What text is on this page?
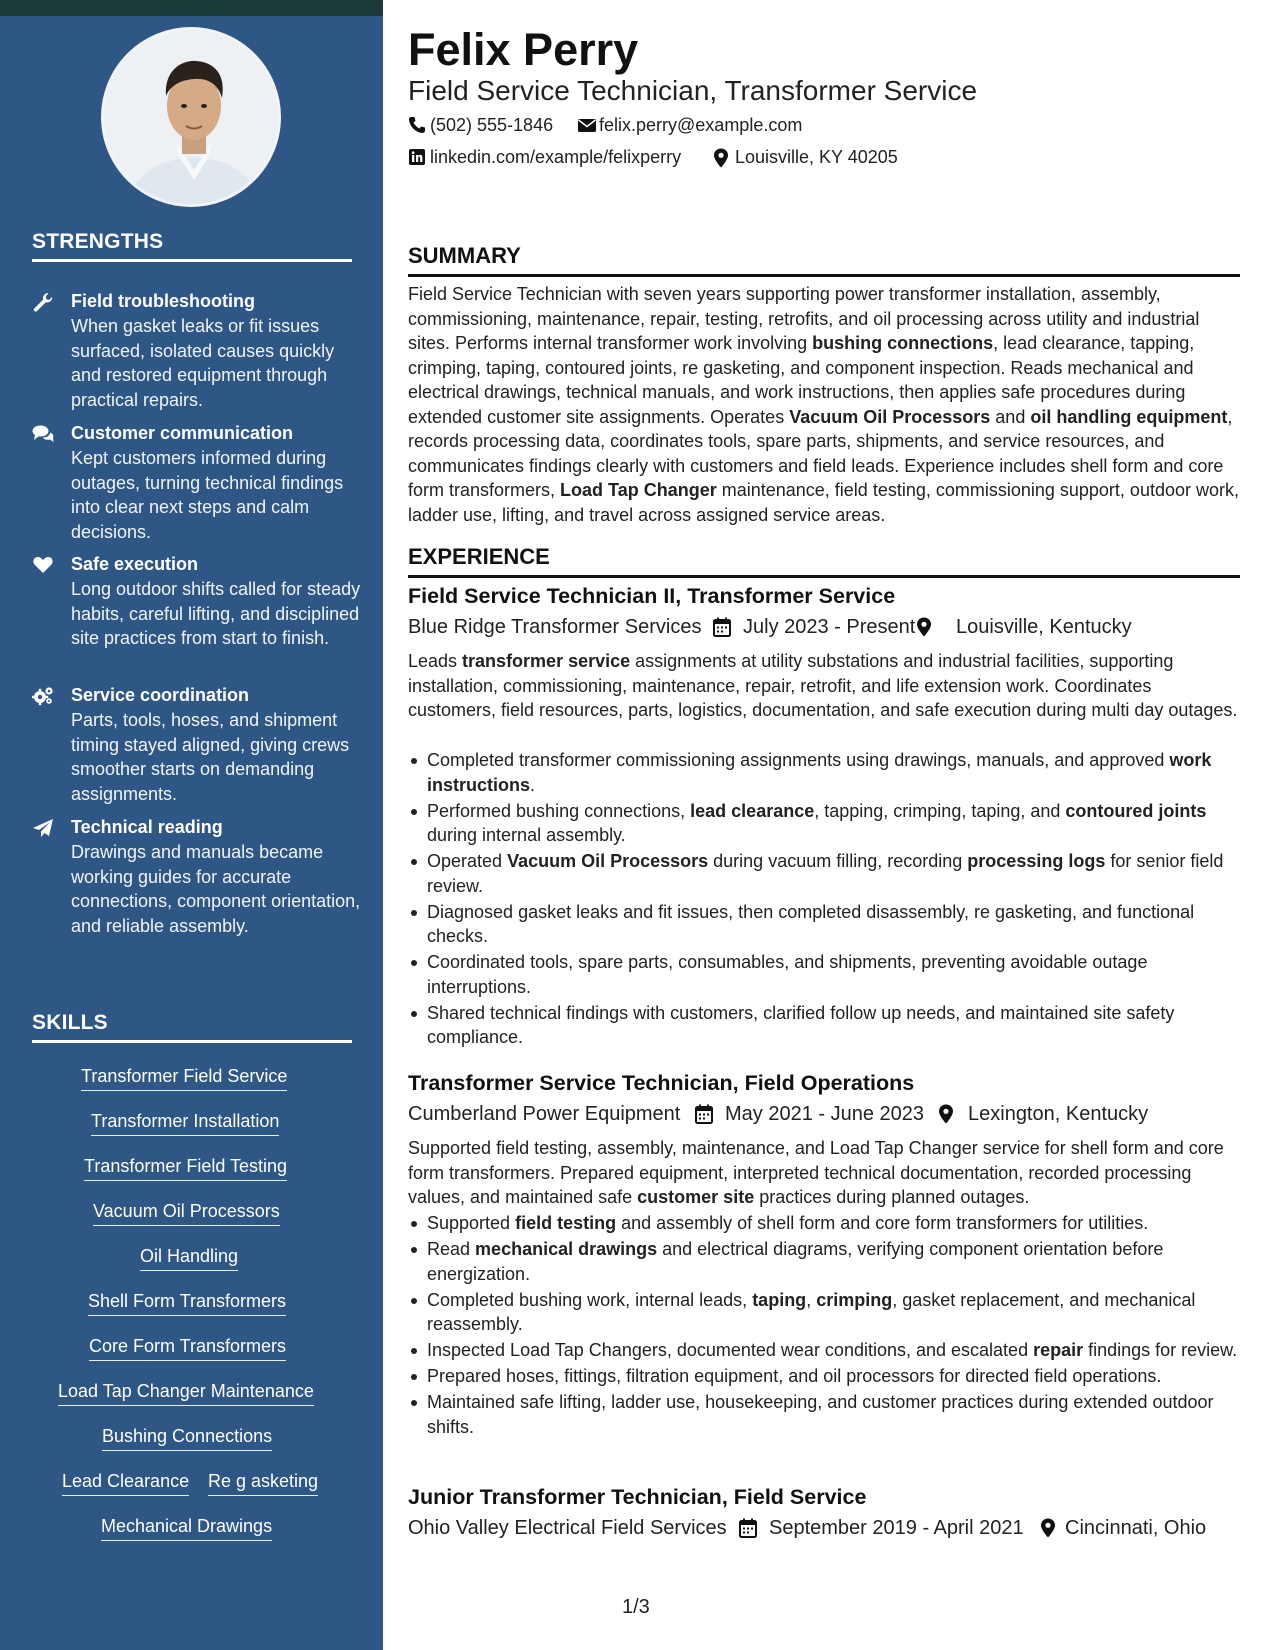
STRENGTHS
Field troubleshooting
When gasket leaks or fit issues surfaced, isolated causes quickly and restored equipment through practical repairs.
Customer communication
Kept customers informed during outages, turning technical findings into clear next steps and calm decisions.
Safe execution
Long outdoor shifts called for steady habits, careful lifting, and disciplined site practices from start to finish.
Service coordination
Parts, tools, hoses, and shipment timing stayed aligned, giving crews smoother starts on demanding assignments.
Technical reading
Drawings and manuals became working guides for accurate connections, component orientation, and reliable assembly.
SKILLS
Transformer Field Service
Transformer Installation
Transformer Field Testing
Vacuum Oil Processors
Oil Handling
Shell Form Transformers
Core Form Transformers
Load Tap Changer Maintenance
Bushing Connections
Lead Clearance Re g asketing
Mechanical Drawings
Felix Perry
Field Service Technician, Transformer Service
(502) 555-1846	felix.perry@example.com
linkedin.com/example/felixperry	Louisville, KY 40205
SUMMARY
Field Service Technician with seven years supporting power transformer installation, assembly, commissioning, maintenance, repair, testing, retrofits, and oil processing across utility and industrial sites. Performs internal transformer work involving bushing connections, lead clearance, tapping, crimping, taping, contoured joints, re gasketing, and component inspection. Reads mechanical and electrical drawings, technical manuals, and work instructions, then applies safe procedures during extended customer site assignments. Operates Vacuum Oil Processors and oil handling equipment, records processing data, coordinates tools, spare parts, shipments, and service resources, and communicates findings clearly with customers and field leads. Experience includes shell form and core form transformers, Load Tap Changer maintenance, field testing, commissioning support, outdoor work, ladder use, lifting, and travel across assigned service areas.
EXPERIENCE
Field Service Technician II, Transformer Service
Blue Ridge Transformer Services July 2023 - Present Louisville, Kentucky
Leads transformer service assignments at utility substations and industrial facilities, supporting installation, commissioning, maintenance, repair, retrofit, and life extension work. Coordinates customers, field resources, parts, logistics, documentation, and safe execution during multi day outages.
Completed transformer commissioning assignments using drawings, manuals, and approved work instructions.
Performed bushing connections, lead clearance, tapping, crimping, taping, and contoured joints during internal assembly.
Operated Vacuum Oil Processors during vacuum filling, recording processing logs for senior field review.
Diagnosed gasket leaks and fit issues, then completed disassembly, re gasketing, and functional checks.
Coordinated tools, spare parts, consumables, and shipments, preventing avoidable outage interruptions.
Shared technical findings with customers, clarified follow up needs, and maintained site safety compliance.
Transformer Service Technician, Field Operations
Cumberland Power Equipment May 2021 - June 2023 Lexington, Kentucky
Supported field testing, assembly, maintenance, and Load Tap Changer service for shell form and core form transformers. Prepared equipment, interpreted technical documentation, recorded processing values, and maintained safe customer site practices during planned outages.
Supported field testing and assembly of shell form and core form transformers for utilities.
Read mechanical drawings and electrical diagrams, verifying component orientation before energization.
Completed bushing work, internal leads, taping, crimping, gasket replacement, and mechanical reassembly.
Inspected Load Tap Changers, documented wear conditions, and escalated repair findings for review.
Prepared hoses, fittings, filtration equipment, and oil processors for directed field operations.
Maintained safe lifting, ladder use, housekeeping, and customer practices during extended outdoor shifts.
Junior Transformer Technician, Field Service
Ohio Valley Electrical Field Services September 2019 - April 2021 Cincinnati, Ohio
1/3
